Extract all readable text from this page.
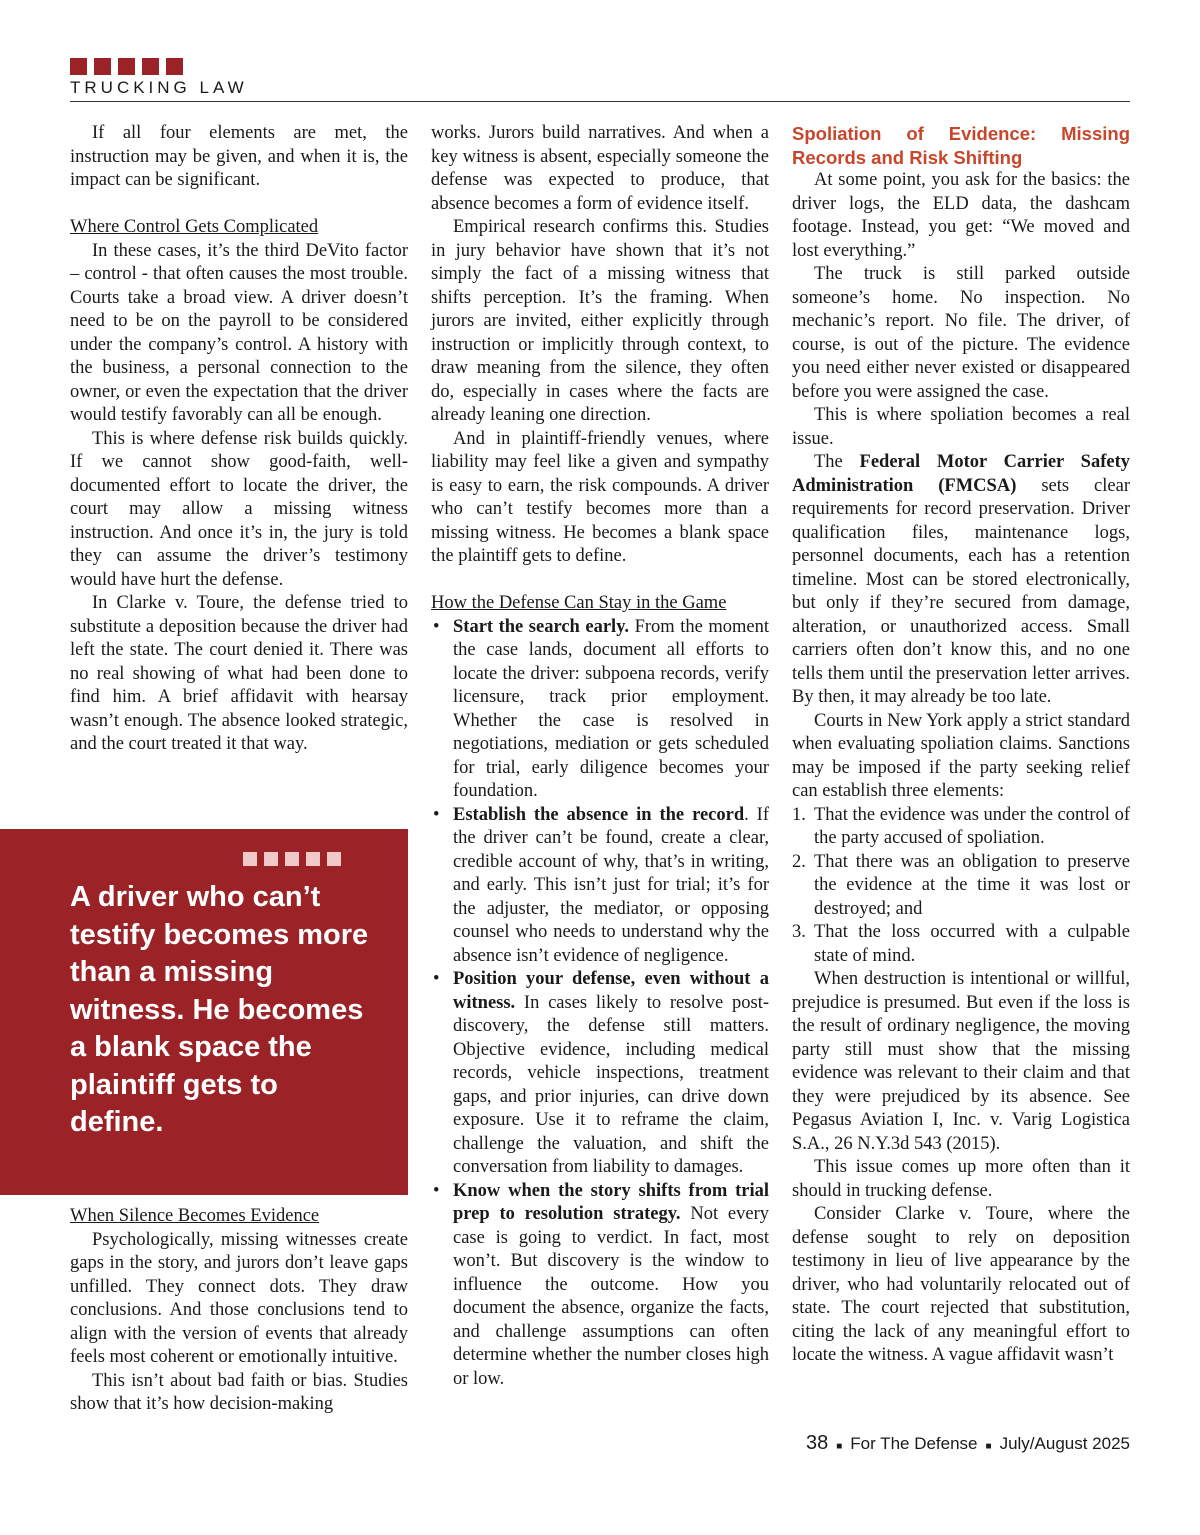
TRUCKING LAW

If all four elements are met, the instruction may be given, and when it is, the impact can be significant.

Where Control Gets Complicated

In these cases, it’s the third DeVito factor – control - that often causes the most trouble. Courts take a broad view. A driver doesn’t need to be on the payroll to be considered under the company’s control. A history with the business, a personal connection to the owner, or even the expectation that the driver would testify favorably can all be enough.

This is where defense risk builds quickly. If we cannot show good-faith, well-documented effort to locate the driver, the court may allow a missing witness instruction. And once it’s in, the jury is told they can assume the driver’s testimony would have hurt the defense.

In Clarke v. Toure, the defense tried to substitute a deposition because the driver had left the state. The court denied it. There was no real showing of what had been done to find him. A brief affidavit with hearsay wasn’t enough. The absence looked strategic, and the court treated it that way.

A driver who can’t testify becomes more than a missing witness. He becomes a blank space the plaintiff gets to define.

When Silence Becomes Evidence

Psychologically, missing witnesses create gaps in the story, and jurors don’t leave gaps unfilled. They connect dots. They draw conclusions. And those conclusions tend to align with the version of events that already feels most coherent or emotionally intuitive.

This isn’t about bad faith or bias. Studies show that it’s how decision-making

works. Jurors build narratives. And when a key witness is absent, especially someone the defense was expected to produce, that absence becomes a form of evidence itself.

Empirical research confirms this. Studies in jury behavior have shown that it’s not simply the fact of a missing witness that shifts perception. It’s the framing. When jurors are invited, either explicitly through instruction or implicitly through context, to draw meaning from the silence, they often do, especially in cases where the facts are already leaning one direction.

And in plaintiff-friendly venues, where liability may feel like a given and sympathy is easy to earn, the risk compounds. A driver who can’t testify becomes more than a missing witness. He becomes a blank space the plaintiff gets to define.

How the Defense Can Stay in the Game

• Start the search early. From the moment the case lands, document all efforts to locate the driver: subpoena records, verify licensure, track prior employment. Whether the case is resolved in negotiations, mediation or gets scheduled for trial, early diligence becomes your foundation.
• Establish the absence in the record. If the driver can’t be found, create a clear, credible account of why, that’s in writing, and early. This isn’t just for trial; it’s for the adjuster, the mediator, or opposing counsel who needs to understand why the absence isn’t evidence of negligence.
• Position your defense, even without a witness. In cases likely to resolve post-discovery, the defense still matters. Objective evidence, including medical records, vehicle inspections, treatment gaps, and prior injuries, can drive down exposure. Use it to reframe the claim, challenge the valuation, and shift the conversation from liability to damages.
• Know when the story shifts from trial prep to resolution strategy. Not every case is going to verdict. In fact, most won’t. But discovery is the window to influence the outcome. How you document the absence, organize the facts, and challenge assumptions can often determine whether the number closes high or low.
Spoliation of Evidence: Missing Records and Risk Shifting

At some point, you ask for the basics: the driver logs, the ELD data, the dashcam footage. Instead, you get: “We moved and lost everything.”

The truck is still parked outside someone’s home. No inspection. No mechanic’s report. No file. The driver, of course, is out of the picture. The evidence you need either never existed or disappeared before you were assigned the case.

This is where spoliation becomes a real issue.

The Federal Motor Carrier Safety Administration (FMCSA) sets clear requirements for record preservation. Driver qualification files, maintenance logs, personnel documents, each has a retention timeline. Most can be stored electronically, but only if they’re secured from damage, alteration, or unauthorized access. Small carriers often don’t know this, and no one tells them until the preservation letter arrives. By then, it may already be too late.

Courts in New York apply a strict standard when evaluating spoliation claims. Sanctions may be imposed if the party seeking relief can establish three elements:

1. That the evidence was under the control of the party accused of spoliation.
2. That there was an obligation to preserve the evidence at the time it was lost or destroyed; and
3. That the loss occurred with a culpable state of mind.

When destruction is intentional or willful, prejudice is presumed. But even if the loss is the result of ordinary negligence, the moving party still must show that the missing evidence was relevant to their claim and that they were prejudiced by its absence. See Pegasus Aviation I, Inc. v. Varig Logistica S.A., 26 N.Y.3d 543 (2015).

This issue comes up more often than it should in trucking defense.

Consider Clarke v. Toure, where the defense sought to rely on deposition testimony in lieu of live appearance by the driver, who had voluntarily relocated out of state. The court rejected that substitution, citing the lack of any meaningful effort to locate the witness. A vague affidavit wasn’t

38 ■ For The Defense ■ July/August 2025
